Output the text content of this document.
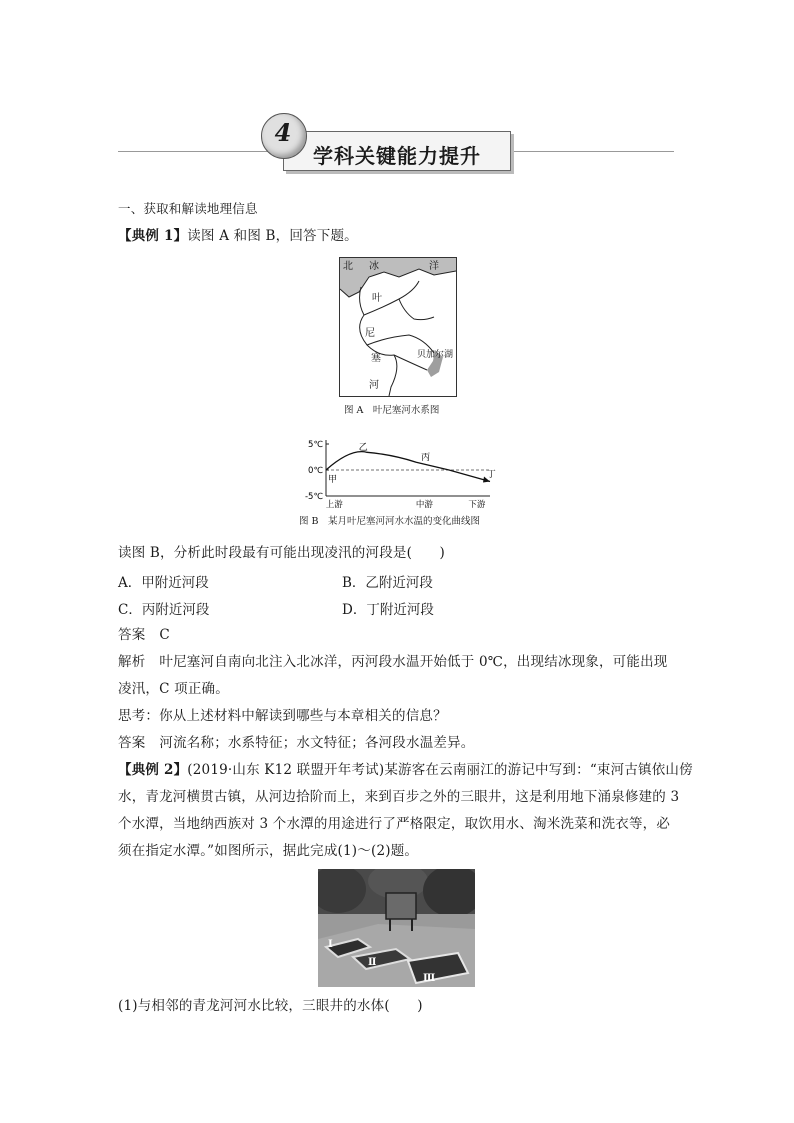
学科关键能力提升
4
一、获取和解读地理信息
【典例 1】读图 A 和图 B，回答下题。
北 冰	洋
叶
尼
塞
河
贝加尔湖
图 A　叶尼塞河水系图
5℃
0℃
-5℃
上游	中游	下游
甲
乙
丙
丁
图 B　某月叶尼塞河河水水温的变化曲线图
读图 B，分析此时段最有可能出现凌汛的河段是(　　)
A．甲附近河段	B．乙附近河段
C．丙附近河段	D．丁附近河段
答案 C
解析 叶尼塞河自南向北注入北冰洋，丙河段水温开始低于 0℃，出现结冰现象，可能出现
凌汛，C 项正确。
思考：你从上述材料中解读到哪些与本章相关的信息？
答案 河流名称；水系特征；水文特征；各河段水温差异。
【典例 2】(2019·山东 K12 联盟开年考试)某游客在云南丽江的游记中写到：“束河古镇依山傍
水，青龙河横贯古镇，从河边拾阶而上，来到百步之外的三眼井，这是利用地下涌泉修建的 3
个水潭，当地纳西族对 3 个水潭的用途进行了严格限定，取饮用水、淘米洗菜和洗衣等，必
须在指定水潭。”如图所示，据此完成(1)～(2)题。
Ⅰ
Ⅱ
Ⅲ
(1)与相邻的青龙河河水比较，三眼井的水体(　　)
